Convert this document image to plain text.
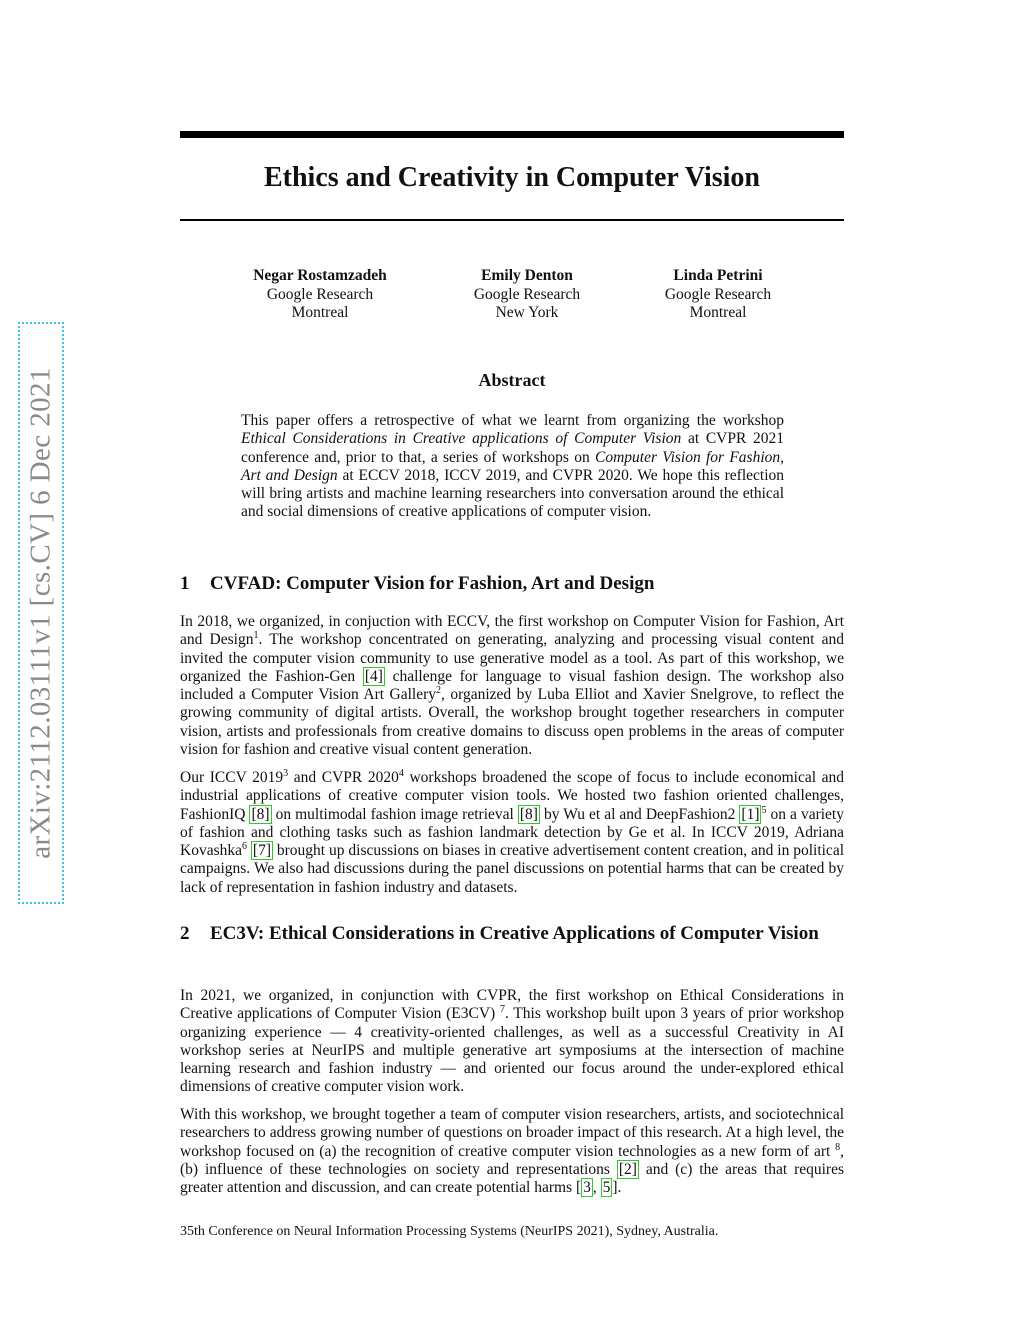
arXiv:2112.03111v1 [cs.CV] 6 Dec 2021
Ethics and Creativity in Computer Vision
Negar Rostamzadeh
Google Research
Montreal
Emily Denton
Google Research
New York
Linda Petrini
Google Research
Montreal
Abstract

This paper offers a retrospective of what we learnt from organizing the workshop Ethical Considerations in Creative applications of Computer Vision at CVPR 2021 conference and, prior to that, a series of workshops on Computer Vision for Fashion, Art and Design at ECCV 2018, ICCV 2019, and CVPR 2020. We hope this reflection will bring artists and machine learning researchers into conversation around the ethical and social dimensions of creative applications of computer vision.

1	CVFAD: Computer Vision for Fashion, Art and Design

In 2018, we organized, in conjuction with ECCV, the first workshop on Computer Vision for Fashion, Art and Design$^1$. The workshop concentrated on generating, analyzing and processing visual content and invited the computer vision community to use generative model as a tool. As part of this workshop, we organized the Fashion-Gen [4] challenge for language to visual fashion design. The workshop also included a Computer Vision Art Gallery$^2$, organized by Luba Elliot and Xavier Snelgrove, to reflect the growing community of digital artists. Overall, the workshop brought together researchers in computer vision, artists and professionals from creative domains to discuss open problems in the areas of computer vision for fashion and creative visual content generation.

Our ICCV 2019$^3$ and CVPR 2020$^4$ workshops broadened the scope of focus to include economical and industrial applications of creative computer vision tools. We hosted two fashion oriented challenges, FashionIQ [8] on multimodal fashion image retrieval [8] by Wu et al and DeepFashion2 [1] $^5$ on a variety of fashion and clothing tasks such as fashion landmark detection by Ge et al. In ICCV 2019, Adriana Kovashka$^6$ [7] brought up discussions on biases in creative advertisement content creation, and in political campaigns. We also had discussions during the panel discussions on potential harms that can be created by lack of representation in fashion industry and datasets.

2	EC3V: Ethical Considerations in Creative Applications of Computer Vision

In 2021, we organized, in conjunction with CVPR, the first workshop on Ethical Considerations in Creative applications of Computer Vision (E3CV) $^7$. This workshop built upon 3 years of prior workshop organizing experience — 4 creativity-oriented challenges, as well as a successful Creativity in AI workshop series at NeurIPS and multiple generative art symposiums at the intersection of machine learning research and fashion industry — and oriented our focus around the under-explored ethical dimensions of creative computer vision work.

With this workshop, we brought together a team of computer vision researchers, artists, and sociotechnical researchers to address growing number of questions on broader impact of this research. At a high level, the workshop focused on (a) the recognition of creative computer vision technologies as a new form of art $^8$, (b) influence of these technologies on society and representations [2] and (c) the areas that requires greater attention and discussion, and can create potential harms [ 3 , 5 ].

35th Conference on Neural Information Processing Systems (NeurIPS 2021), Sydney, Australia.
